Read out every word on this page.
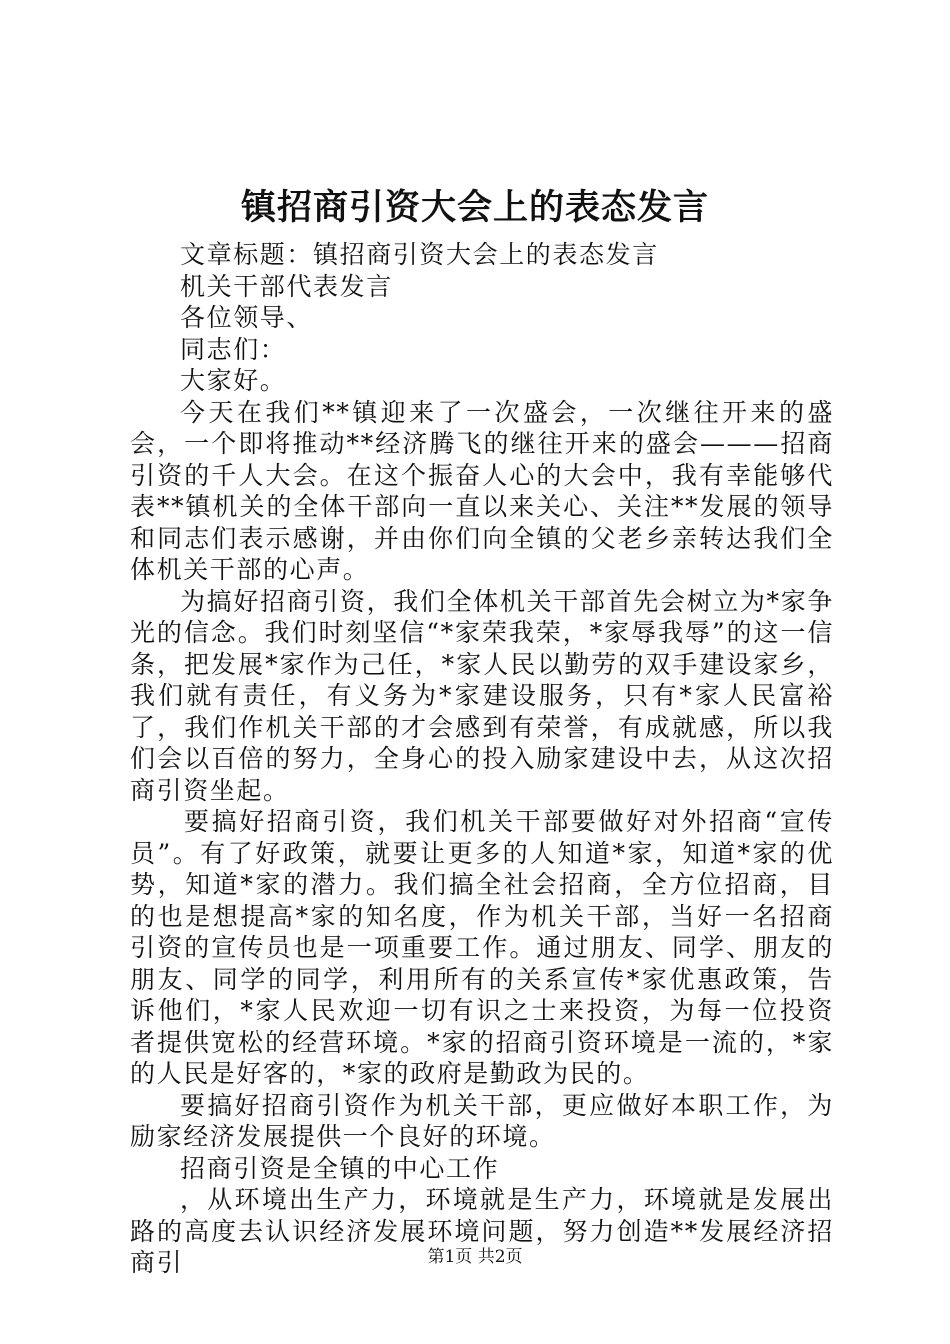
镇招商引资大会上的表态发言

文章标题：镇招商引资大会上的表态发言

机关干部代表发言

各位领导、

同志们：

大家好。

今天在我们**镇迎来了一次盛会，一次继往开来的盛会，一个即将推动**经济腾飞的继往开来的盛会———招商引资的千人大会。在这个振奋人心的大会中，我有幸能够代表**镇机关的全体干部向一直以来关心、关注**发展的领导和同志们表示感谢，并由你们向全镇的父老乡亲转达我们全体机关干部的心声。

为搞好招商引资，我们全体机关干部首先会树立为*家争光的信念。我们时刻坚信“*家荣我荣，*家辱我辱”的这一信条，把发展*家作为己任，*家人民以勤劳的双手建设家乡，我们就有责任，有义务为*家建设服务，只有*家人民富裕了，我们作机关干部的才会感到有荣誉，有成就感，所以我们会以百倍的努力，全身心的投入励家建设中去，从这次招商引资坐起。

要搞好招商引资，我们机关干部要做好对外招商“宣传员”。有了好政策，就要让更多的人知道*家，知道*家的优势，知道*家的潜力。我们搞全社会招商，全方位招商，目的也是想提高*家的知名度，作为机关干部，当好一名招商引资的宣传员也是一项重要工作。通过朋友、同学、朋友的朋友、同学的同学，利用所有的关系宣传*家优惠政策，告诉他们，*家人民欢迎一切有识之士来投资，为每一位投资者提供宽松的经营环境。*家的招商引资环境是一流的，*家的人民是好客的，*家的政府是勤政为民的。

要搞好招商引资作为机关干部，更应做好本职工作，为励家经济发展提供一个良好的环境。

招商引资是全镇的中心工作

，从环境出生产力，环境就是生产力，环境就是发展出路的高度去认识经济发展环境问题，努力创造**发展经济招商引	第1页 共2页
